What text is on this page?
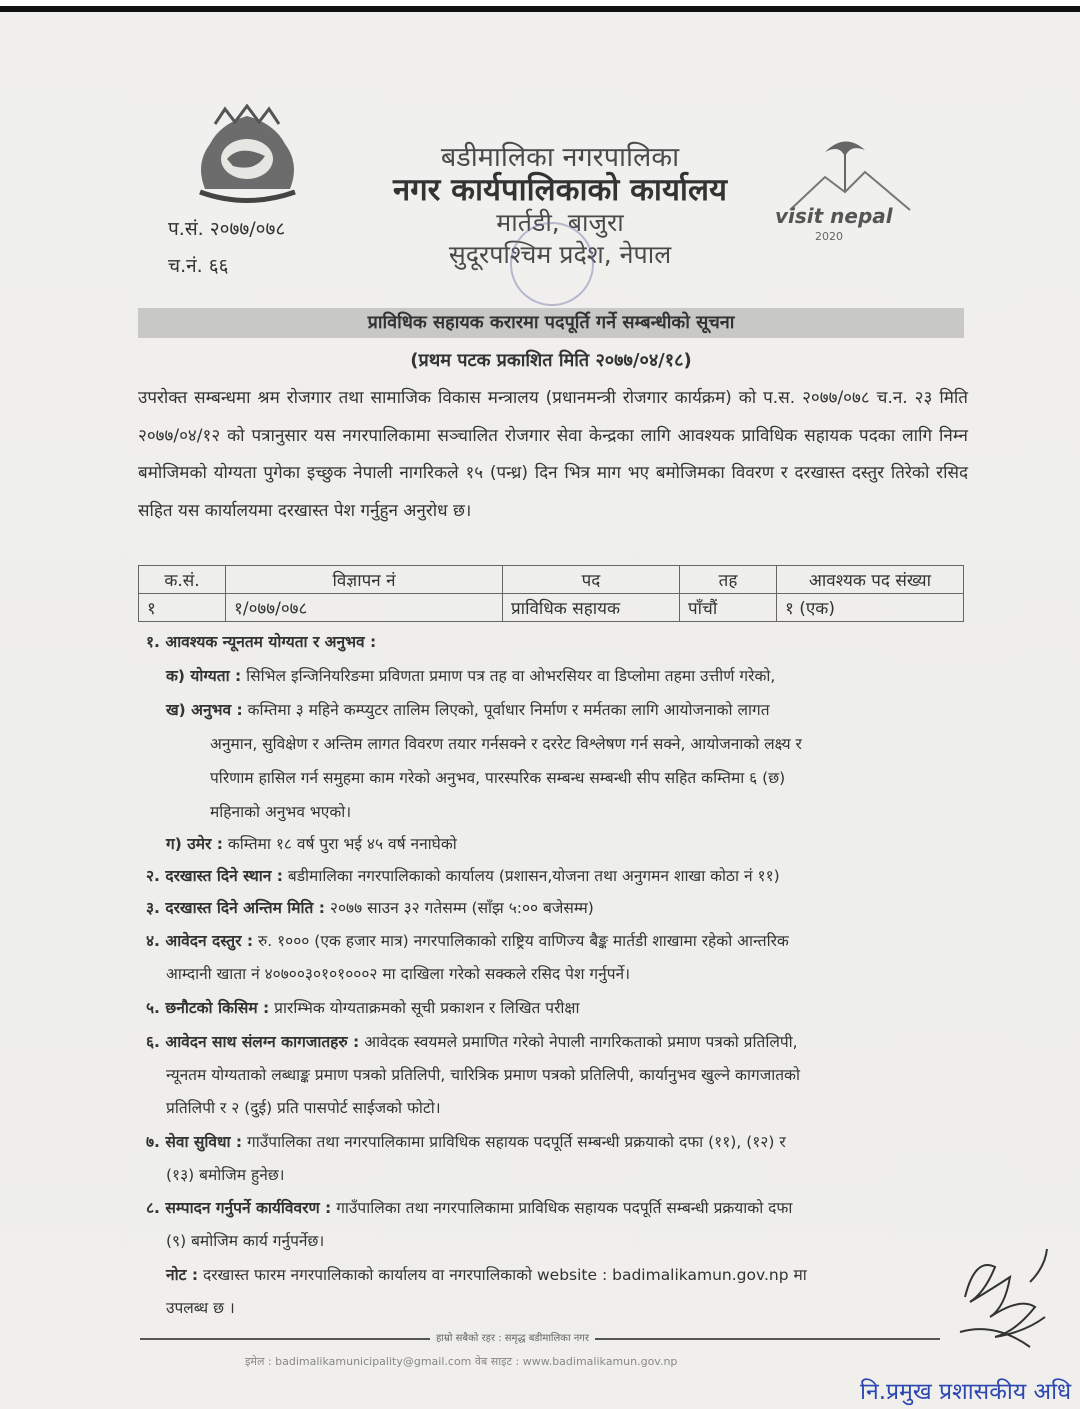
प.सं. २०७७/०७८
च.नं. ६६
बडीमालिका नगरपालिका
नगर कार्यपालिकाको कार्यालय
मार्तडी, बाजुरा
सुदूरपश्चिम प्रदेश, नेपाल
visit nepal
2020
प्राविधिक सहायक करारमा पदपूर्ति गर्ने सम्बन्धीको सूचना
(प्रथम पटक प्रकाशित मिति २०७७/०४/१८)
उपरोक्त सम्बन्धमा श्रम रोजगार तथा सामाजिक विकास मन्त्रालय (प्रधानमन्त्री रोजगार कार्यक्रम) को प.स. २०७७/०७८ च.न. २३ मिति २०७७/०४/१२ को पत्रानुसार यस नगरपालिकामा सञ्चालित रोजगार सेवा केन्द्रका लागि आवश्यक प्राविधिक सहायक पदका लागि निम्न बमोजिमको योग्यता पुगेका इच्छुक नेपाली नागरिकले १५ (पन्ध्र) दिन भित्र माग भए बमोजिमका विवरण र दरखास्त दस्तुर तिरेको रसिद सहित यस कार्यालयमा दरखास्त पेश गर्नुहुन अनुरोध छ।
क.सं.	विज्ञापन नं	पद	तह	आवश्यक पद संख्या
१	१/०७७/०७८	प्राविधिक सहायक	पाँचौं	१ (एक)
१. आवश्यक न्यूनतम योग्यता र अनुभव :
क) योग्यता : सिभिल इन्जिनियरिङमा प्रविणता प्रमाण पत्र तह वा ओभरसियर वा डिप्लोमा तहमा उत्तीर्ण गरेको,
ख) अनुभव : कम्तिमा ३ महिने कम्प्युटर तालिम लिएको, पूर्वाधार निर्माण र मर्मतका लागि आयोजनाको लागत
अनुमान, सुविक्षेण र अन्तिम लागत विवरण तयार गर्नसक्ने र दररेट विश्लेषण गर्न सक्ने, आयोजनाको लक्ष्य र
परिणाम हासिल गर्न समुहमा काम गरेको अनुभव, पारस्परिक सम्बन्ध सम्बन्धी सीप सहित कम्तिमा ६ (छ)
महिनाको अनुभव भएको।
ग) उमेर : कम्तिमा १८ वर्ष पुरा भई ४५ वर्ष ननाघेको
२. दरखास्त दिने स्थान : बडीमालिका नगरपालिकाको कार्यालय (प्रशासन,योजना तथा अनुगमन शाखा कोठा नं ११)
३. दरखास्त दिने अन्तिम मिति : २०७७ साउन ३२ गतेसम्म (साँझ ५:०० बजेसम्म)
४. आवेदन दस्तुर : रु. १००० (एक हजार मात्र) नगरपालिकाको राष्ट्रिय वाणिज्य बैङ्क मार्तडी शाखामा रहेको आन्तरिक
आम्दानी खाता नं ४०७००३०१०१०००२ मा दाखिला गरेको सक्कले रसिद पेश गर्नुपर्ने।
५. छनौटको किसिम : प्रारम्भिक योग्यताक्रमको सूची प्रकाशन र लिखित परीक्षा
६. आवेदन साथ संलग्न कागजातहरु : आवेदक स्वयमले प्रमाणित गरेको नेपाली नागरिकताको प्रमाण पत्रको प्रतिलिपी,
न्यूनतम योग्यताको लब्धाङ्क प्रमाण पत्रको प्रतिलिपी, चारित्रिक प्रमाण पत्रको प्रतिलिपी, कार्यानुभव खुल्ने कागजातको
प्रतिलिपी र २ (दुई) प्रति पासपोर्ट साईजको फोटो।
७. सेवा सुविधा : गाउँपालिका तथा नगरपालिकामा प्राविधिक सहायक पदपूर्ति सम्बन्धी प्रक्रयाको दफा (११), (१२) र
(१३) बमोजिम हुनेछ।
८. सम्पादन गर्नुपर्ने कार्यविवरण : गाउँपालिका तथा नगरपालिकामा प्राविधिक सहायक पदपूर्ति सम्बन्धी प्रक्रयाको दफा
(९) बमोजिम कार्य गर्नुपर्नेछ।
नोट : दरखास्त फारम नगरपालिकाको कार्यालय वा नगरपालिकाको website : badimalikamun.gov.np मा
उपलब्ध छ ।
हाम्रो सबैको रहर : समृद्ध बडीमालिका नगर
इमेल : badimalikamunicipality@gmail.com वेब साइट : www.badimalikamun.gov.np
नि.प्रमुख प्रशासकीय अधि
